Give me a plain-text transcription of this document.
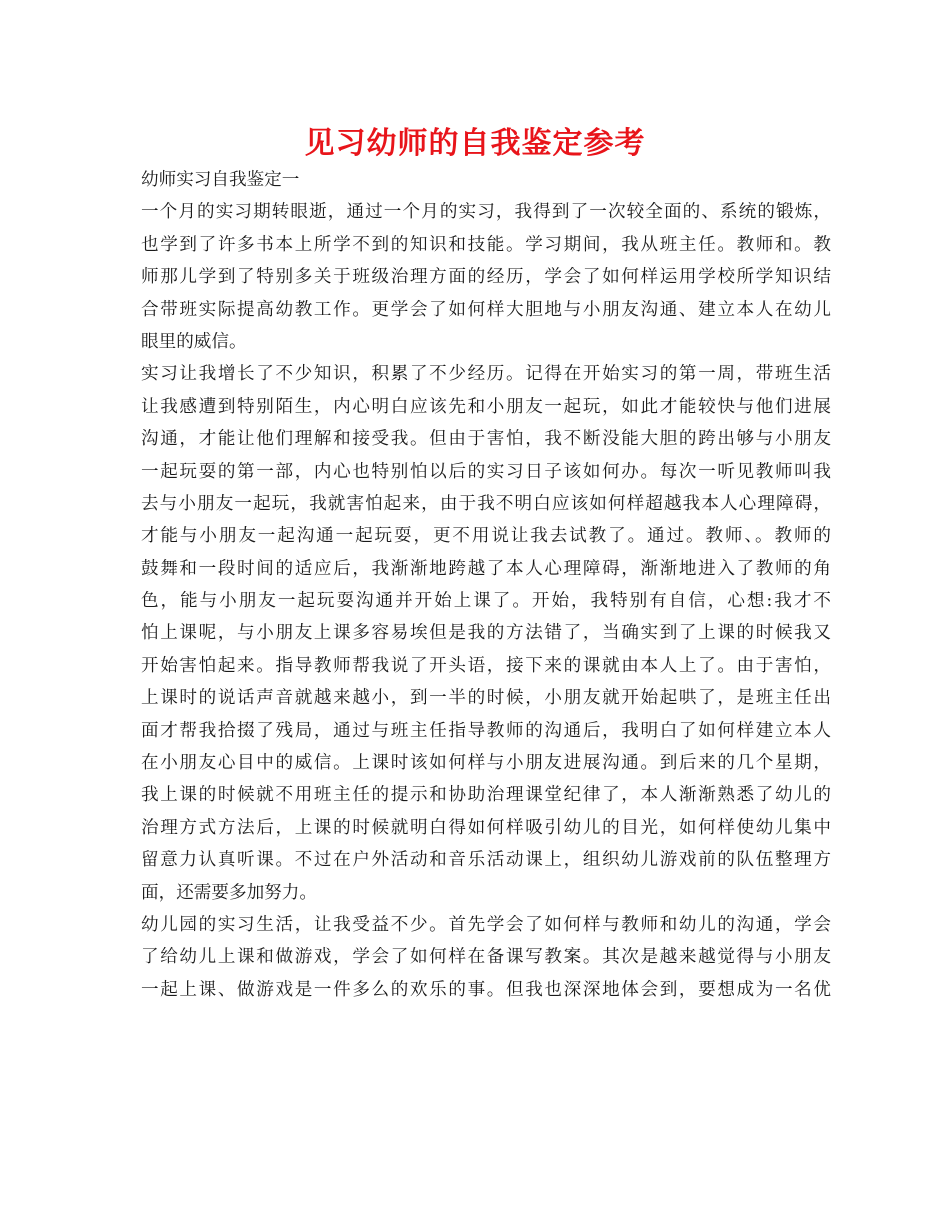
见习幼师的自我鉴定参考
幼师实习自我鉴定一
一个月的实习期转眼逝，通过一个月的实习，我得到了一次较全面的、系统的锻炼，
也学到了许多书本上所学不到的知识和技能。学习期间，我从班主任。教师和。教
师那儿学到了特别多关于班级治理方面的经历，学会了如何样运用学校所学知识结
合带班实际提高幼教工作。更学会了如何样大胆地与小朋友沟通、建立本人在幼儿
眼里的威信。
实习让我增长了不少知识，积累了不少经历。记得在开始实习的第一周，带班生活
让我感遭到特别陌生，内心明白应该先和小朋友一起玩，如此才能较快与他们进展
沟通，才能让他们理解和接受我。但由于害怕，我不断没能大胆的跨出够与小朋友
一起玩耍的第一部，内心也特别怕以后的实习日子该如何办。每次一听见教师叫我
去与小朋友一起玩，我就害怕起来，由于我不明白应该如何样超越我本人心理障碍，
才能与小朋友一起沟通一起玩耍，更不用说让我去试教了。通过。教师、。教师的
鼓舞和一段时间的适应后，我渐渐地跨越了本人心理障碍，渐渐地进入了教师的角
色，能与小朋友一起玩耍沟通并开始上课了。开始，我特别有自信，心想:我才不
怕上课呢，与小朋友上课多容易埃但是我的方法错了，当确实到了上课的时候我又
开始害怕起来。指导教师帮我说了开头语，接下来的课就由本人上了。由于害怕，
上课时的说话声音就越来越小，到一半的时候，小朋友就开始起哄了，是班主任出
面才帮我拾掇了残局，通过与班主任指导教师的沟通后，我明白了如何样建立本人
在小朋友心目中的威信。上课时该如何样与小朋友进展沟通。到后来的几个星期，
我上课的时候就不用班主任的提示和协助治理课堂纪律了，本人渐渐熟悉了幼儿的
治理方式方法后，上课的时候就明白得如何样吸引幼儿的目光，如何样使幼儿集中
留意力认真听课。不过在户外活动和音乐活动课上，组织幼儿游戏前的队伍整理方
面，还需要多加努力。
幼儿园的实习生活，让我受益不少。首先学会了如何样与教师和幼儿的沟通，学会
了给幼儿上课和做游戏，学会了如何样在备课写教案。其次是越来越觉得与小朋友
一起上课、做游戏是一件多么的欢乐的事。但我也深深地体会到，要想成为一名优
